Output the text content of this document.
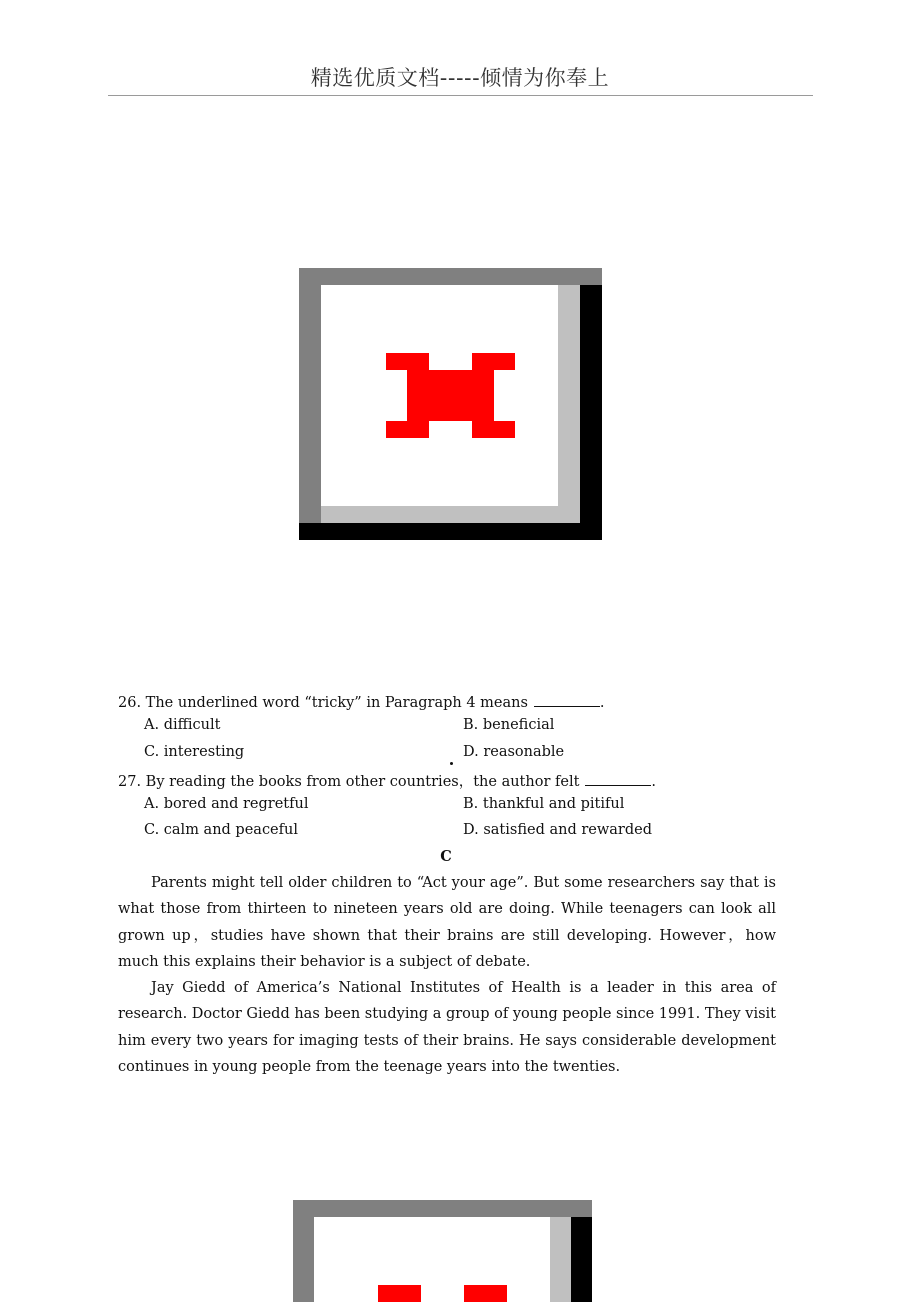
精选优质文档-----倾情为你奉上
26. The underlined word “tricky” in Paragraph 4 means	.
A. difficult	B. beneficial
C. interesting	D. reasonable
27. By reading the books from other countries，the author felt	.
A. bored and regretful	B. thankful and pitiful
C. calm and peaceful	D. satisfied and rewarded
C

Parents might tell older children to “Act your age”. But some researchers say that is what those from thirteen to nineteen years old are doing. While teenagers can look all grown up，studies have shown that their brains are still developing. However，how much this explains their behavior is a subject of debate.

Jay Giedd of America’s National Institutes of Health is a leader in this area of research. Doctor Giedd has been studying a group of young people since 1991. They visit him every two years for imaging tests of their brains. He says considerable development continues in young people from the teenage years into the twenties.
